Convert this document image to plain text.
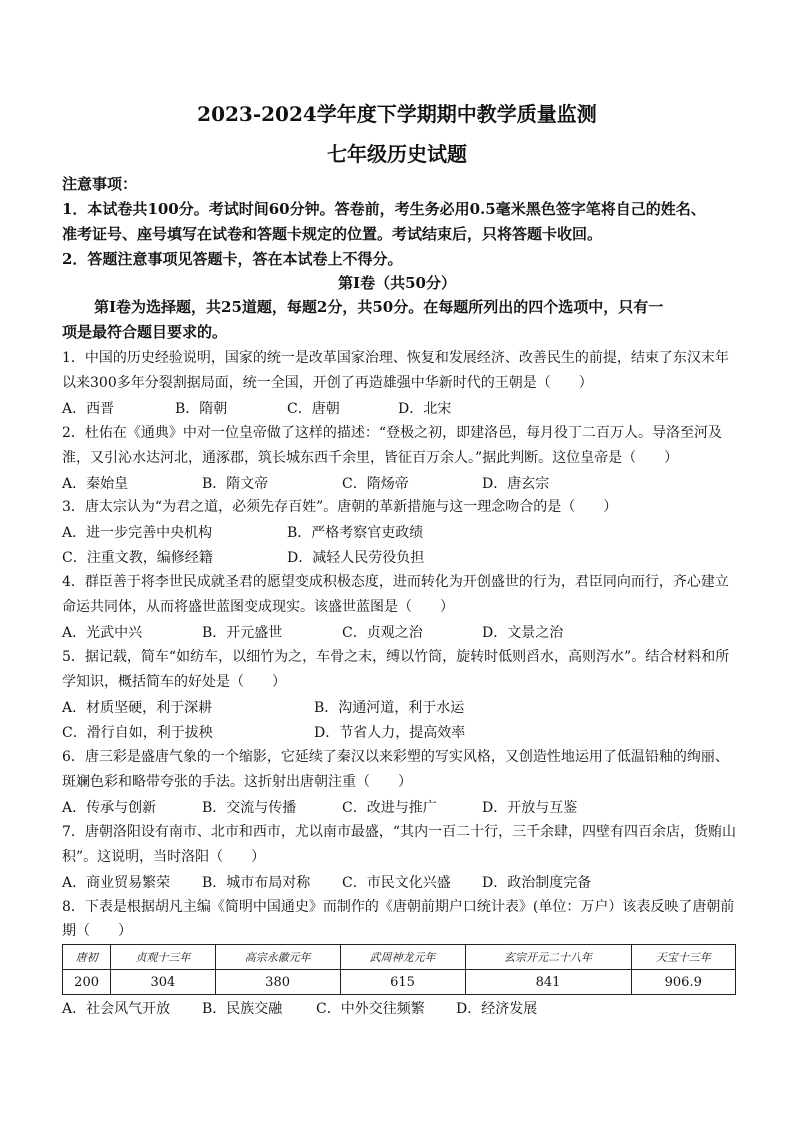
2023-2024学年度下学期期中教学质量监测
七年级历史试题
注意事项：
1．本试卷共100分。考试时间60分钟。答卷前，考生务必用0.5毫米黑色签字笔将自己的姓名、
准考证号、座号填写在试卷和答题卡规定的位置。考试结束后，只将答题卡收回。
2．答题注意事项见答题卡，答在本试卷上不得分。
第Ⅰ卷（共50分）
第Ⅰ卷为选择题，共25道题，每题2分，共50分。在每题所列出的四个选项中，只有一
项是最符合题目要求的。
1．中国的历史经验说明，国家的统一是改革国家治理、恢复和发展经济、改善民生的前提，结束了东汉末年
以来300多年分裂割据局面，统一全国，开创了再造雄强中华新时代的王朝是（　　）
A．西晋	B．隋朝	C．唐朝	D．北宋
2．杜佑在《通典》中对一位皇帝做了这样的描述：“登极之初，即建洛邑，每月役丁二百万人。导洛至河及
淮，又引沁水达河北，通涿郡，筑长城东西千余里，皆征百万余人。”据此判断。这位皇帝是（　　）
A．秦始皇	B．隋文帝	C．隋炀帝	D．唐玄宗
3．唐太宗认为“为君之道，必须先存百姓”。唐朝的革新措施与这一理念吻合的是（　　）
A．进一步完善中央机构	B．严格考察官吏政绩
C．注重文教，编修经籍	D．减轻人民劳役负担
4．群臣善于将李世民成就圣君的愿望变成积极态度，进而转化为开创盛世的行为，君臣同向而行，齐心建立
命运共同体，从而将盛世蓝图变成现实。该盛世蓝图是（　　）
A．光武中兴	B．开元盛世	C．贞观之治	D．文景之治
5．据记载，简车“如纺车，以细竹为之，车骨之末，缚以竹筒，旋转时低则舀水，高则泻水”。结合材料和所
学知识，概括简车的好处是（　　）
A．材质坚硬，利于深耕	B．沟通河道，利于水运
C．滑行自如，利于拔秧	D．节省人力，提高效率
6．唐三彩是盛唐气象的一个缩影，它延续了秦汉以来彩塑的写实风格，又创造性地运用了低温铅釉的绚丽、
斑斓色彩和略带夸张的手法。这折射出唐朝注重（　　）
A．传承与创新	B．交流与传播	C．改进与推广	D．开放与互鉴
7．唐朝洛阳设有南市、北市和西市，尤以南市最盛，“其内一百二十行，三千余肆，四壁有四百余店，货贿山
积”。这说明，当时洛阳（　　）
A．商业贸易繁荣 B．城市布局对称 C．市民文化兴盛 D．政治制度完备
8．下表是根据胡凡主编《简明中国通史》而制作的《唐朝前期户口统计表》(单位：万户）该表反映了唐朝前
期（　　）
唐初	贞观十三年	高宗永徽元年	武周神龙元年	玄宗开元二十八年	天宝十三年
200	304	380	615	841	906.9
A．社会风气开放 B．民族交融 C．中外交往频繁 D．经济发展
